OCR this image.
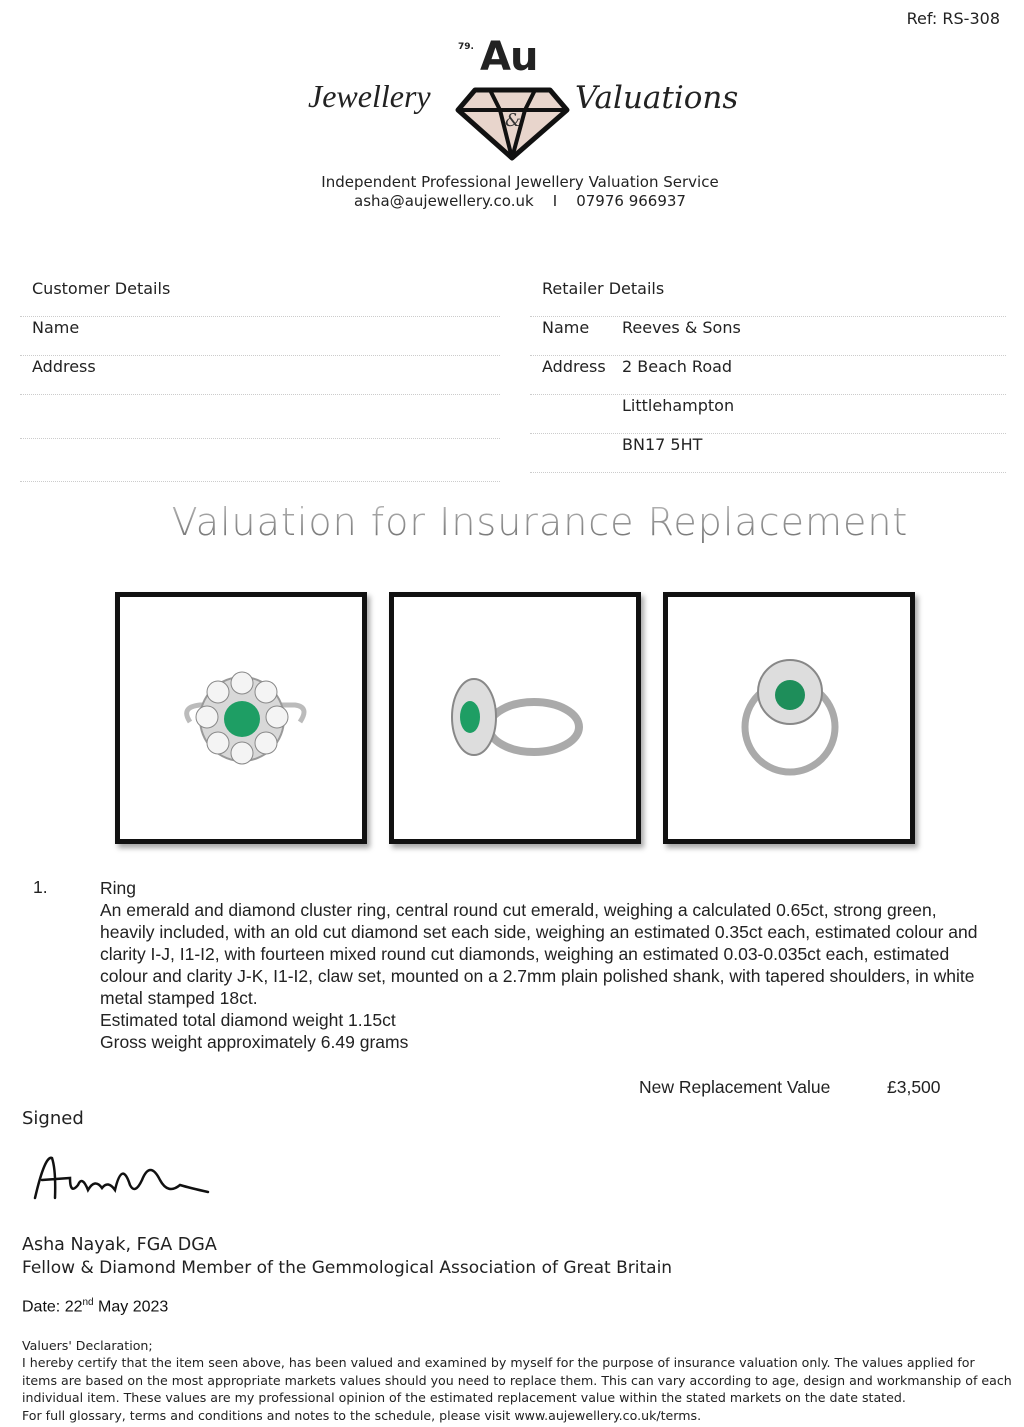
Ref: RS-308
Jewellery
79. Au
&
Valuations
Independent Professional Jewellery Valuation Service
asha@aujewellery.co.uk    I    07976 966937
Customer Details
Name
Address
Retailer Details
Name Reeves & Sons
Address 2 Beach Road
Littlehampton
BN17 5HT
Valuation for Insurance Replacement
1.	Ring
An emerald and diamond cluster ring, central round cut emerald, weighing a calculated 0.65ct, strong green, heavily included, with an old cut diamond set each side, weighing an estimated 0.35ct each, estimated colour and clarity I-J, I1-I2, with fourteen mixed round cut diamonds, weighing an estimated 0.03-0.035ct each, estimated colour and clarity J-K, I1-I2, claw set, mounted on a 2.7mm plain polished shank, with tapered shoulders, in white metal stamped 18ct.
Estimated total diamond weight 1.15ct
Gross weight approximately 6.49 grams
New Replacement Value	£3,500
Signed
Asha Nayak, FGA DGA
Fellow & Diamond Member of the Gemmological Association of Great Britain
Date: 22nd May 2023
Valuers' Declaration;
I hereby certify that the item seen above, has been valued and examined by myself for the purpose of insurance valuation only. The values applied for items are based on the most appropriate markets values should you need to replace them. This can vary according to age, design and workmanship of each individual item. These values are my professional opinion of the estimated replacement value within the stated markets on the date stated.
For full glossary, terms and conditions and notes to the schedule, please visit www.aujewellery.co.uk/terms.
